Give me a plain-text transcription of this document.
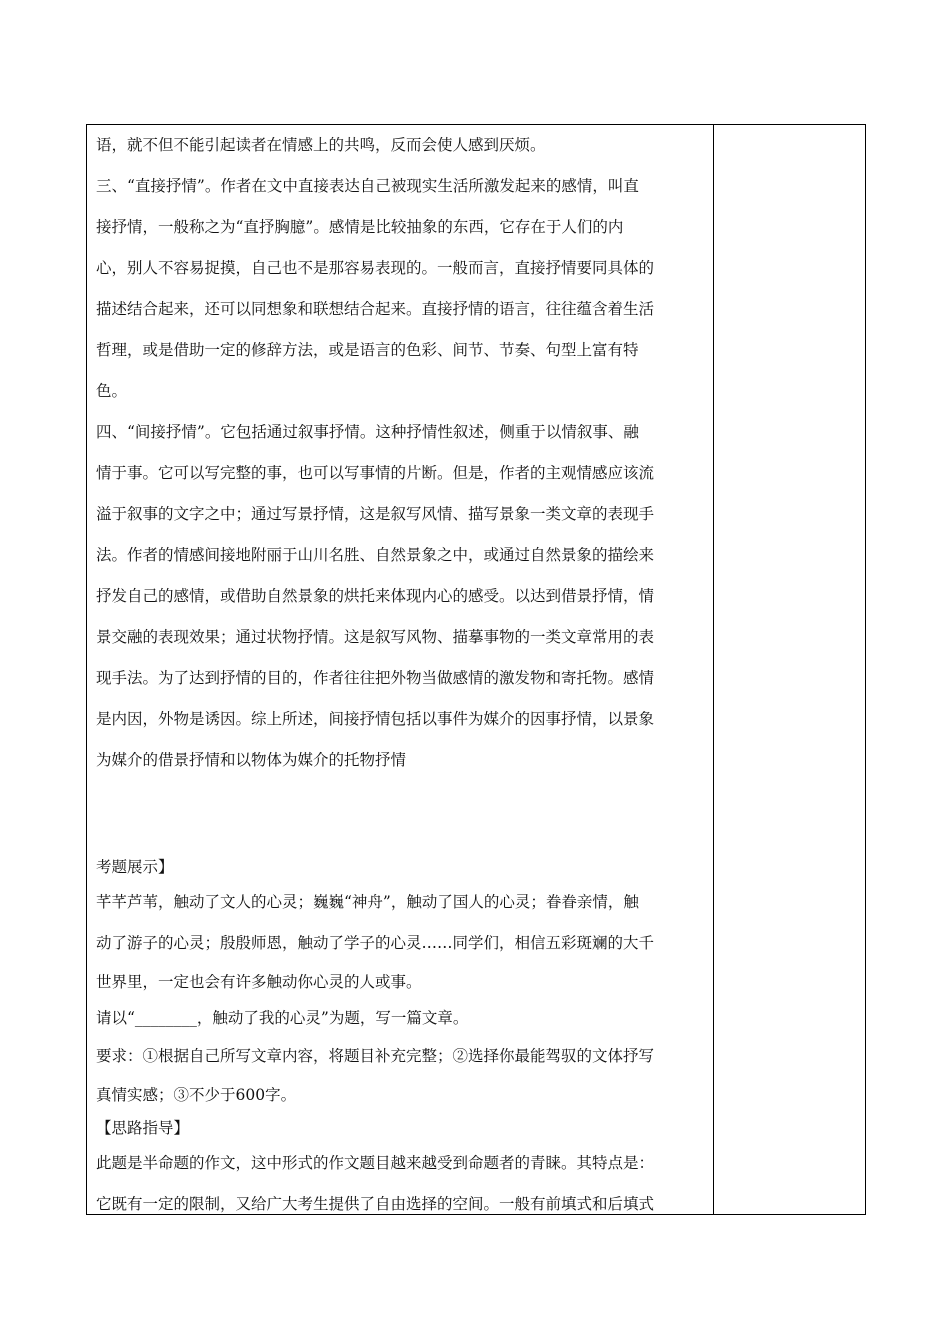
语，就不但不能引起读者在情感上的共鸣，反而会使人感到厌烦。
三、“直接抒情”。作者在文中直接表达自己被现实生活所激发起来的感情，叫直
接抒情，一般称之为“直抒胸臆”。感情是比较抽象的东西，它存在于人们的内
心，别人不容易捉摸，自己也不是那容易表现的。一般而言，直接抒情要同具体的
描述结合起来，还可以同想象和联想结合起来。直接抒情的语言，往往蕴含着生活
哲理，或是借助一定的修辞方法，或是语言的色彩、间节、节奏、句型上富有特
色。
四、“间接抒情”。它包括通过叙事抒情。这种抒情性叙述，侧重于以情叙事、融
情于事。它可以写完整的事，也可以写事情的片断。但是，作者的主观情感应该流
溢于叙事的文字之中；通过写景抒情，这是叙写风情、描写景象一类文章的表现手
法。作者的情感间接地附丽于山川名胜、自然景象之中，或通过自然景象的描绘来
抒发自己的感情，或借助自然景象的烘托来体现内心的感受。以达到借景抒情，情
景交融的表现效果；通过状物抒情。这是叙写风物、描摹事物的一类文章常用的表
现手法。为了达到抒情的目的，作者往往把外物当做感情的激发物和寄托物。感情
是内因，外物是诱因。综上所述，间接抒情包括以事件为媒介的因事抒情，以景象
为媒介的借景抒情和以物体为媒介的托物抒情
考题展示】
芊芊芦苇，触动了文人的心灵；巍巍“神舟”，触动了国人的心灵；眷眷亲情，触
动了游子的心灵；殷殷师恩，触动了学子的心灵……同学们，相信五彩斑斓的大千
世界里，一定也会有许多触动你心灵的人或事。
请以“________，触动了我的心灵”为题，写一篇文章。
要求：①根据自己所写文章内容，将题目补充完整；②选择你最能驾驭的文体抒写
真情实感；③不少于600字。
【思路指导】
此题是半命题的作文，这中形式的作文题目越来越受到命题者的青睐。其特点是：
它既有一定的限制，又给广大考生提供了自由选择的空间。一般有前填式和后填式
